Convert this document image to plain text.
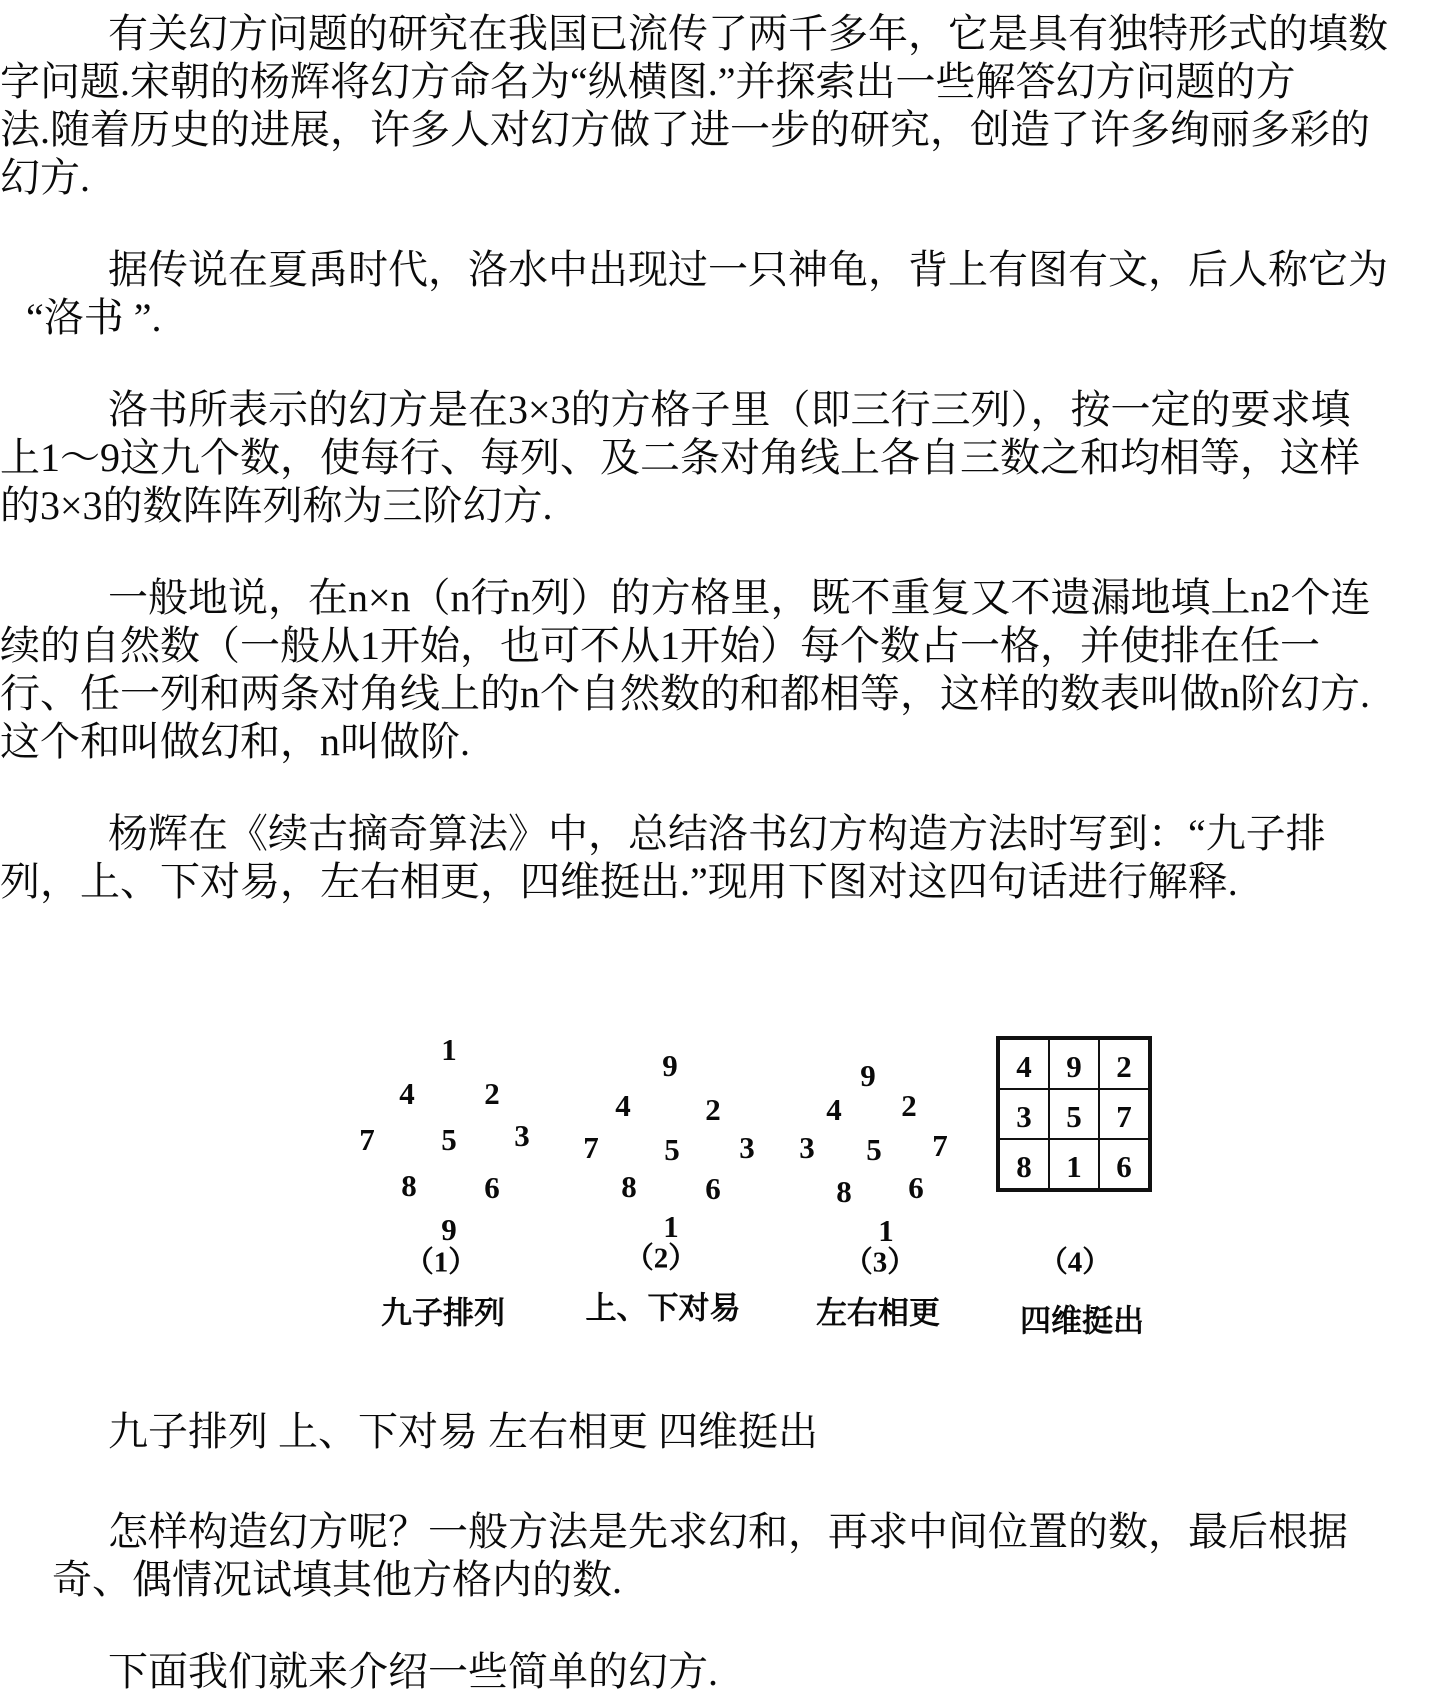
有关幻方问题的研究在我国已流传了两千多年，它是具有独特形式的填数
字问题.宋朝的杨辉将幻方命名为“纵横图.”并探索出一些解答幻方问题的方
法.随着历史的进展，许多人对幻方做了进一步的研究，创造了许多绚丽多彩的
幻方.
据传说在夏禹时代，洛水中出现过一只神龟，背上有图有文，后人称它为
“洛书 ”.
洛书所表示的幻方是在3×3的方格子里（即三行三列），按一定的要求填
上1～9这九个数，使每行、每列、及二条对角线上各自三数之和均相等，这样
的3×3的数阵阵列称为三阶幻方.
一般地说，在n×n（n行n列）的方格里，既不重复又不遗漏地填上n2个连
续的自然数（一般从1开始，也可不从1开始）每个数占一格，并使排在任一
行、任一列和两条对角线上的n个自然数的和都相等，这样的数表叫做n阶幻方.
这个和叫做幻和，n叫做阶.
杨辉在《续古摘奇算法》中，总结洛书幻方构造方法时写到：“九子排
列，上、下对易，左右相更，四维挺出.”现用下图对这四句话进行解释.
1
4 2
7 5 3
8 6
9
9
4 2
7 5 3
8 6
1
9
4 2
3 5 7
8 6
1
4	9	2
3	5	7
8	1	6
（1）	（2）	（3）	（4）
九子排列	上、下对易 左右相更	四维挺出
九子排列 上、下对易 左右相更 四维挺出
怎样构造幻方呢？一般方法是先求幻和，再求中间位置的数，最后根据
奇、偶情况试填其他方格内的数.
下面我们就来介绍一些简单的幻方.
